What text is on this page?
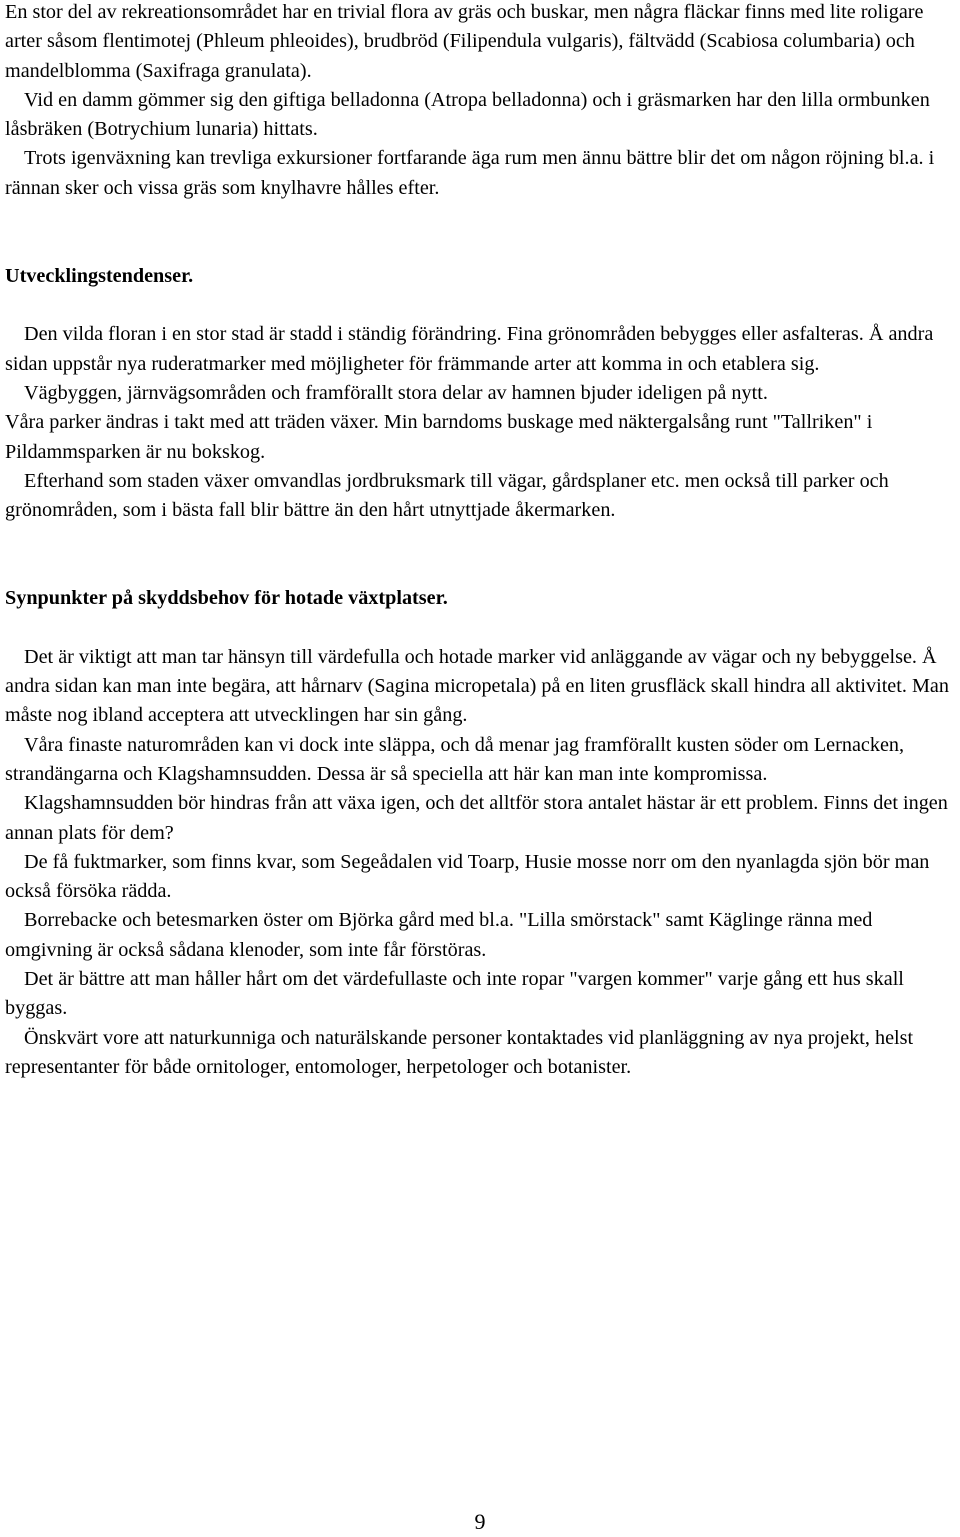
En stor del av rekreationsområdet har en trivial flora av gräs och buskar, men några fläckar finns med lite roligare arter såsom flentimotej (Phleum phleoides), brudbröd (Filipendula vulgaris), fältvädd (Scabiosa columbaria) och mandelblomma (Saxifraga granulata).

Vid en damm gömmer sig den giftiga belladonna (Atropa belladonna) och i gräsmarken har den lilla ormbunken låsbräken (Botrychium lunaria) hittats.

Trots igenväxning kan trevliga exkursioner fortfarande äga rum men ännu bättre blir det om någon röjning bl.a. i rännan sker och vissa gräs som knylhavre hålles efter.

Utvecklingstendenser.

Den vilda floran i en stor stad är stadd i ständig förändring. Fina grönområden bebygges eller asfalteras. Å andra sidan uppstår nya ruderatmarker med möjligheter för främmande arter att komma in och etablera sig.

Vägbyggen, järnvägsområden och framförallt stora delar av hamnen bjuder ideligen på nytt.

Våra parker ändras i takt med att träden växer. Min barndoms buskage med näktergalsång runt "Tallriken" i Pildammsparken är nu bokskog.

Efterhand som staden växer omvandlas jordbruksmark till vägar, gårdsplaner etc. men också till parker och grönområden, som i bästa fall blir bättre än den hårt utnyttjade åkermarken.

Synpunkter på skyddsbehov för hotade växtplatser.

Det är viktigt att man tar hänsyn till värdefulla och hotade marker vid anläggande av vägar och ny bebyggelse. Å andra sidan kan man inte begära, att hårnarv (Sagina micropetala) på en liten grusfläck skall hindra all aktivitet. Man måste nog ibland acceptera att utvecklingen har sin gång.

Våra finaste naturområden kan vi dock inte släppa, och då menar jag framförallt kusten söder om Lernacken, strandängarna och Klagshamnsudden. Dessa är så speciella att här kan man inte kompromissa.

Klagshamnsudden bör hindras från att växa igen, och det alltför stora antalet hästar är ett problem. Finns det ingen annan plats för dem?

De få fuktmarker, som finns kvar, som Segeådalen vid Toarp, Husie mosse norr om den nyanlagda sjön bör man också försöka rädda.

Borrebacke och betesmarken öster om Björka gård med bl.a. "Lilla smörstack" samt Käglinge ränna med omgivning är också sådana klenoder, som inte får förstöras.

Det är bättre att man håller hårt om det värdefullaste och inte ropar "vargen kommer" varje gång ett hus skall byggas.

Önskvärt vore att naturkunniga och naturälskande personer kontaktades vid planläggning av nya projekt, helst representanter för både ornitologer, entomologer, herpetologer och botanister.

9
